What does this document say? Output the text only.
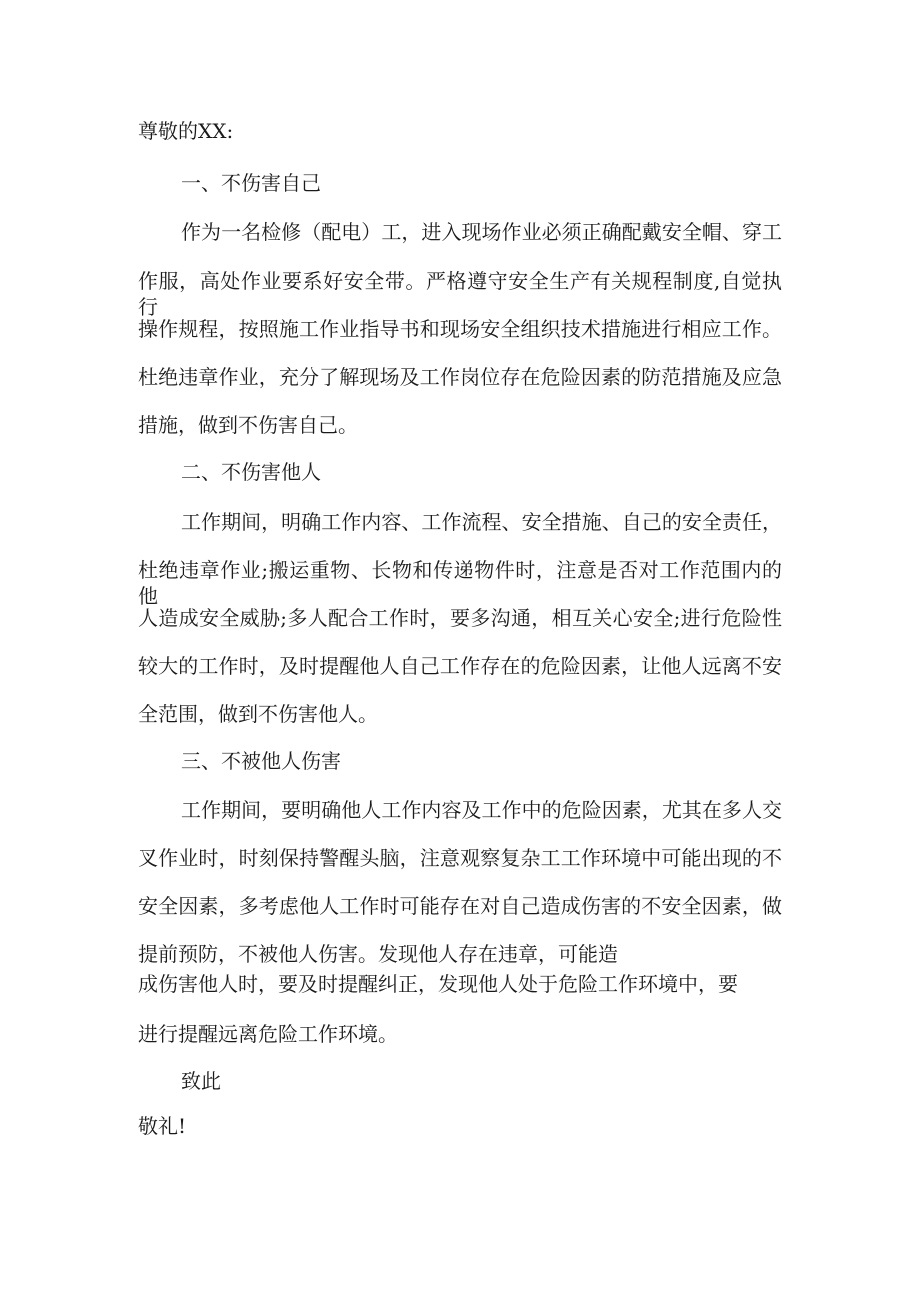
尊敬的XX:
一、不伤害自己
作为一名检修（配电）工，进入现场作业必须正确配戴安全帽、穿工
作服，高处作业要系好安全带。严格遵守安全生产有关规程制度,自觉执行
操作规程，按照施工作业指导书和现场安全组织技术措施进行相应工作。
杜绝违章作业，充分了解现场及工作岗位存在危险因素的防范措施及应急
措施，做到不伤害自己。
二、不伤害他人
工作期间，明确工作内容、工作流程、安全措施、自己的安全责任，
杜绝违章作业;搬运重物、长物和传递物件时，注意是否对工作范围内的他
人造成安全威胁;多人配合工作时，要多沟通，相互关心安全;进行危险性
较大的工作时，及时提醒他人自己工作存在的危险因素，让他人远离不安
全范围，做到不伤害他人。
三、不被他人伤害
工作期间，要明确他人工作内容及工作中的危险因素，尤其在多人交
叉作业时，时刻保持警醒头脑，注意观察复杂工工作环境中可能出现的不
安全因素，多考虑他人工作时可能存在对自己造成伤害的不安全因素，做
提前预防，不被他人伤害。发现他人存在违章，可能造
成伤害他人时，要及时提醒纠正，发现他人处于危险工作环境中，要
进行提醒远离危险工作环境。
致此
敬礼!
